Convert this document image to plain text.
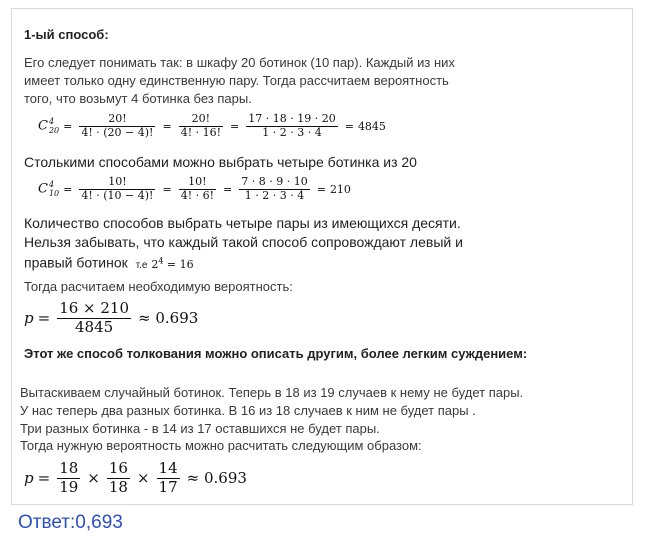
1-ый способ:
Его следует понимать так: в шкафу 20 ботинок (10 пар). Каждый из них
имеет только одну единственную пару. Тогда рассчитаем вероятность
того, что возьмут 4 ботинка без пары.
C 4
$20 = \frac{20!}{4! \cdot (20 - 4)!} = \frac{20!}{4! \cdot 16!} = \frac{17 \cdot 18 \cdot 19 \cdot 20}{1 \cdot 2 \cdot 3 \cdot 4} = 4845$
Столькими способами можно выбрать четыре ботинка из 20
C 4
$10 = \frac{10!}{4! \cdot (10 - 4)!} = \frac{10!}{4! \cdot 6!} = \frac{7 \cdot 8 \cdot 9 \cdot 10}{1 \cdot 2 \cdot 3 \cdot 4} = 210$
Количество способов выбрать четыре пары из имеющихся десяти.
Нельзя забывать, что каждый такой способ сопровождают левый и
правый ботинок т.е $2^4 = 16$
Тогда расчитаем необходимую вероятность:
$p = \frac{16 \times 210}{4845} \approx 0.693$
Этот же способ толкования можно описать другим, более легким суждением:
Вытаскиваем случайный ботинок. Теперь в 18 из 19 случаев к нему не будет пары.
У нас теперь два разных ботинка. В 16 из 18 случаев к ним не будет пары .
Три разных ботинка - в 14 из 17 оставшихся не будет пары.
Тогда нужную вероятность можно расчитать следующим образом:
$p = \frac{18}{19} \times \frac{16}{18} \times \frac{14}{17} \approx 0.693$
Ответ:0,693
